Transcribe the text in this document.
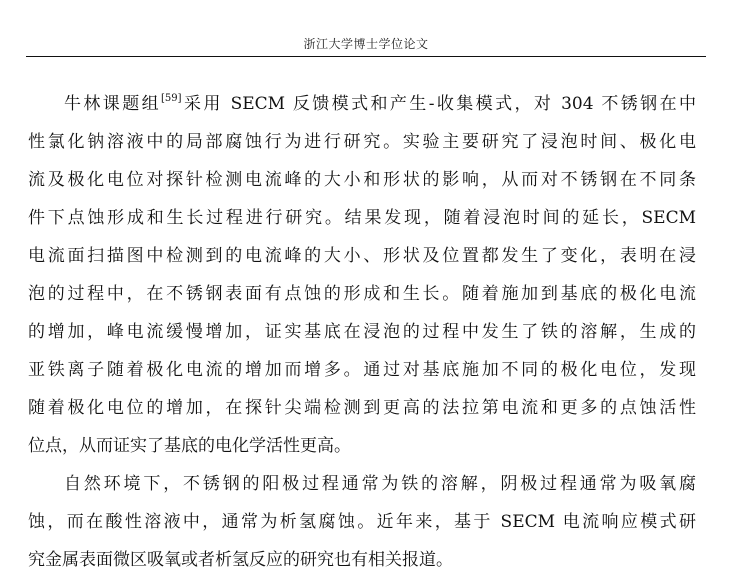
浙江大学博士学位论文
牛林课题组[59]采用 SECM 反馈模式和产生-收集模式，对 304 不锈钢在中
性氯化钠溶液中的局部腐蚀行为进行研究。实验主要研究了浸泡时间、极化电
流及极化电位对探针检测电流峰的大小和形状的影响，从而对不锈钢在不同条
件下点蚀形成和生长过程进行研究。结果发现，随着浸泡时间的延长，SECM
电流面扫描图中检测到的电流峰的大小、形状及位置都发生了变化，表明在浸
泡的过程中，在不锈钢表面有点蚀的形成和生长。随着施加到基底的极化电流
的增加，峰电流缓慢增加，证实基底在浸泡的过程中发生了铁的溶解，生成的
亚铁离子随着极化电流的增加而增多。通过对基底施加不同的极化电位，发现
随着极化电位的增加，在探针尖端检测到更高的法拉第电流和更多的点蚀活性
位点，从而证实了基底的电化学活性更高。
自然环境下，不锈钢的阳极过程通常为铁的溶解，阴极过程通常为吸氧腐
蚀，而在酸性溶液中，通常为析氢腐蚀。近年来，基于 SECM 电流响应模式研
究金属表面微区吸氧或者析氢反应的研究也有相关报道。
